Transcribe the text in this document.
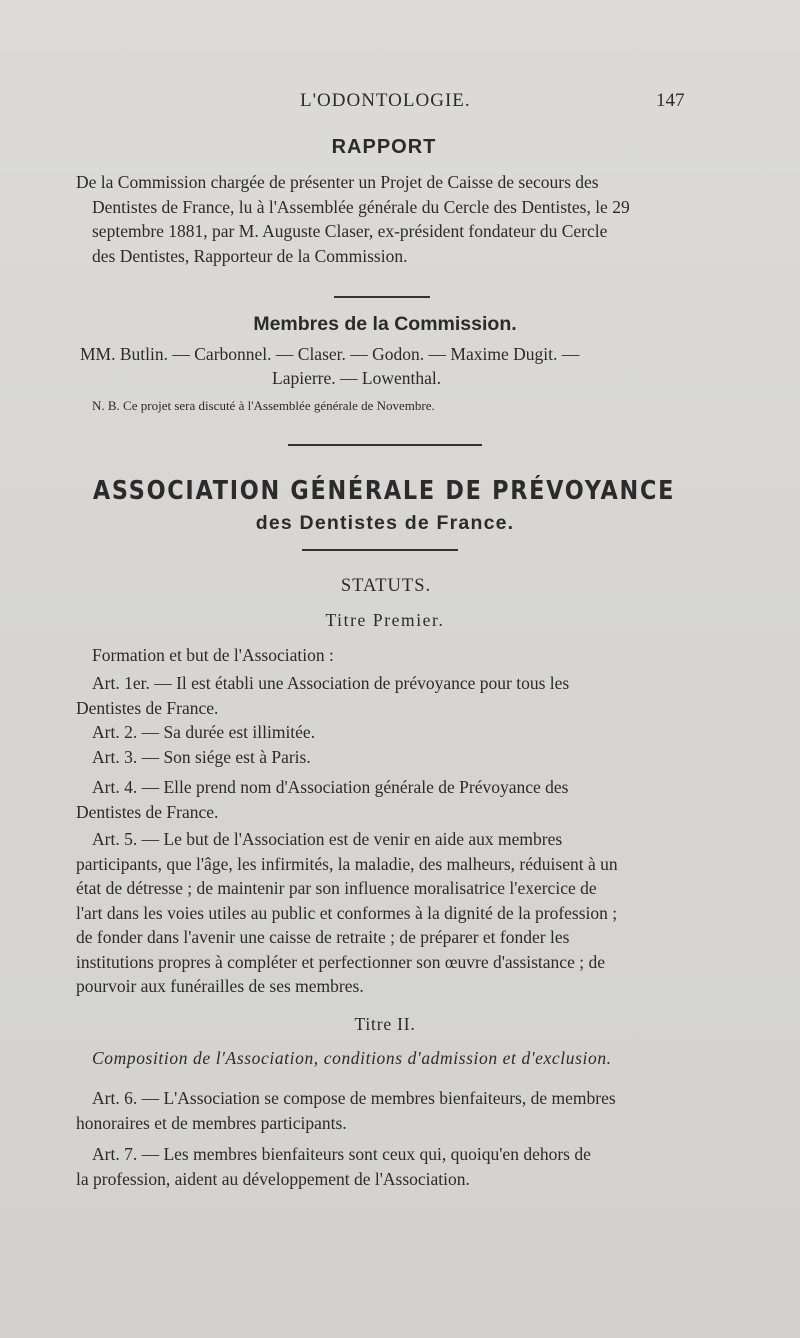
L'ODONTOLOGIE.	147
RAPPORT
De la Commission chargée de présenter un Projet de Caisse de secours des
Dentistes de France, lu à l'Assemblée générale du Cercle des Dentistes, le 29
septembre 1881, par M. Auguste Claser, ex-président fondateur du Cercle
des Dentistes, Rapporteur de la Commission.
Membres de la Commission.
MM. Butlin. — Carbonnel. — Claser. — Godon. — Maxime Dugit. —
Lapierre. — Lowenthal.
N. B. Ce projet sera discuté à l'Assemblée générale de Novembre.
ASSOCIATION GÉNÉRALE DE PRÉVOYANCE
des Dentistes de France.
STATUTS.
Titre Premier.
Formation et but de l'Association :
Art. 1er. — Il est établi une Association de prévoyance pour tous les
Dentistes de France.
Art. 2. — Sa durée est illimitée.
Art. 3. — Son siége est à Paris.
Art. 4. — Elle prend nom d'Association générale de Prévoyance des
Dentistes de France.
Art. 5. — Le but de l'Association est de venir en aide aux membres
participants, que l'âge, les infirmités, la maladie, des malheurs, réduisent à un
état de détresse ; de maintenir par son influence moralisatrice l'exercice de
l'art dans les voies utiles au public et conformes à la dignité de la profession ;
de fonder dans l'avenir une caisse de retraite ; de préparer et fonder les
institutions propres à compléter et perfectionner son œuvre d'assistance ; de
pourvoir aux funérailles de ses membres.
Titre II.
Composition de l'Association, conditions d'admission et d'exclusion.
Art. 6. — L'Association se compose de membres bienfaiteurs, de membres
honoraires et de membres participants.
Art. 7. — Les membres bienfaiteurs sont ceux qui, quoiqu'en dehors de
la profession, aident au développement de l'Association.
